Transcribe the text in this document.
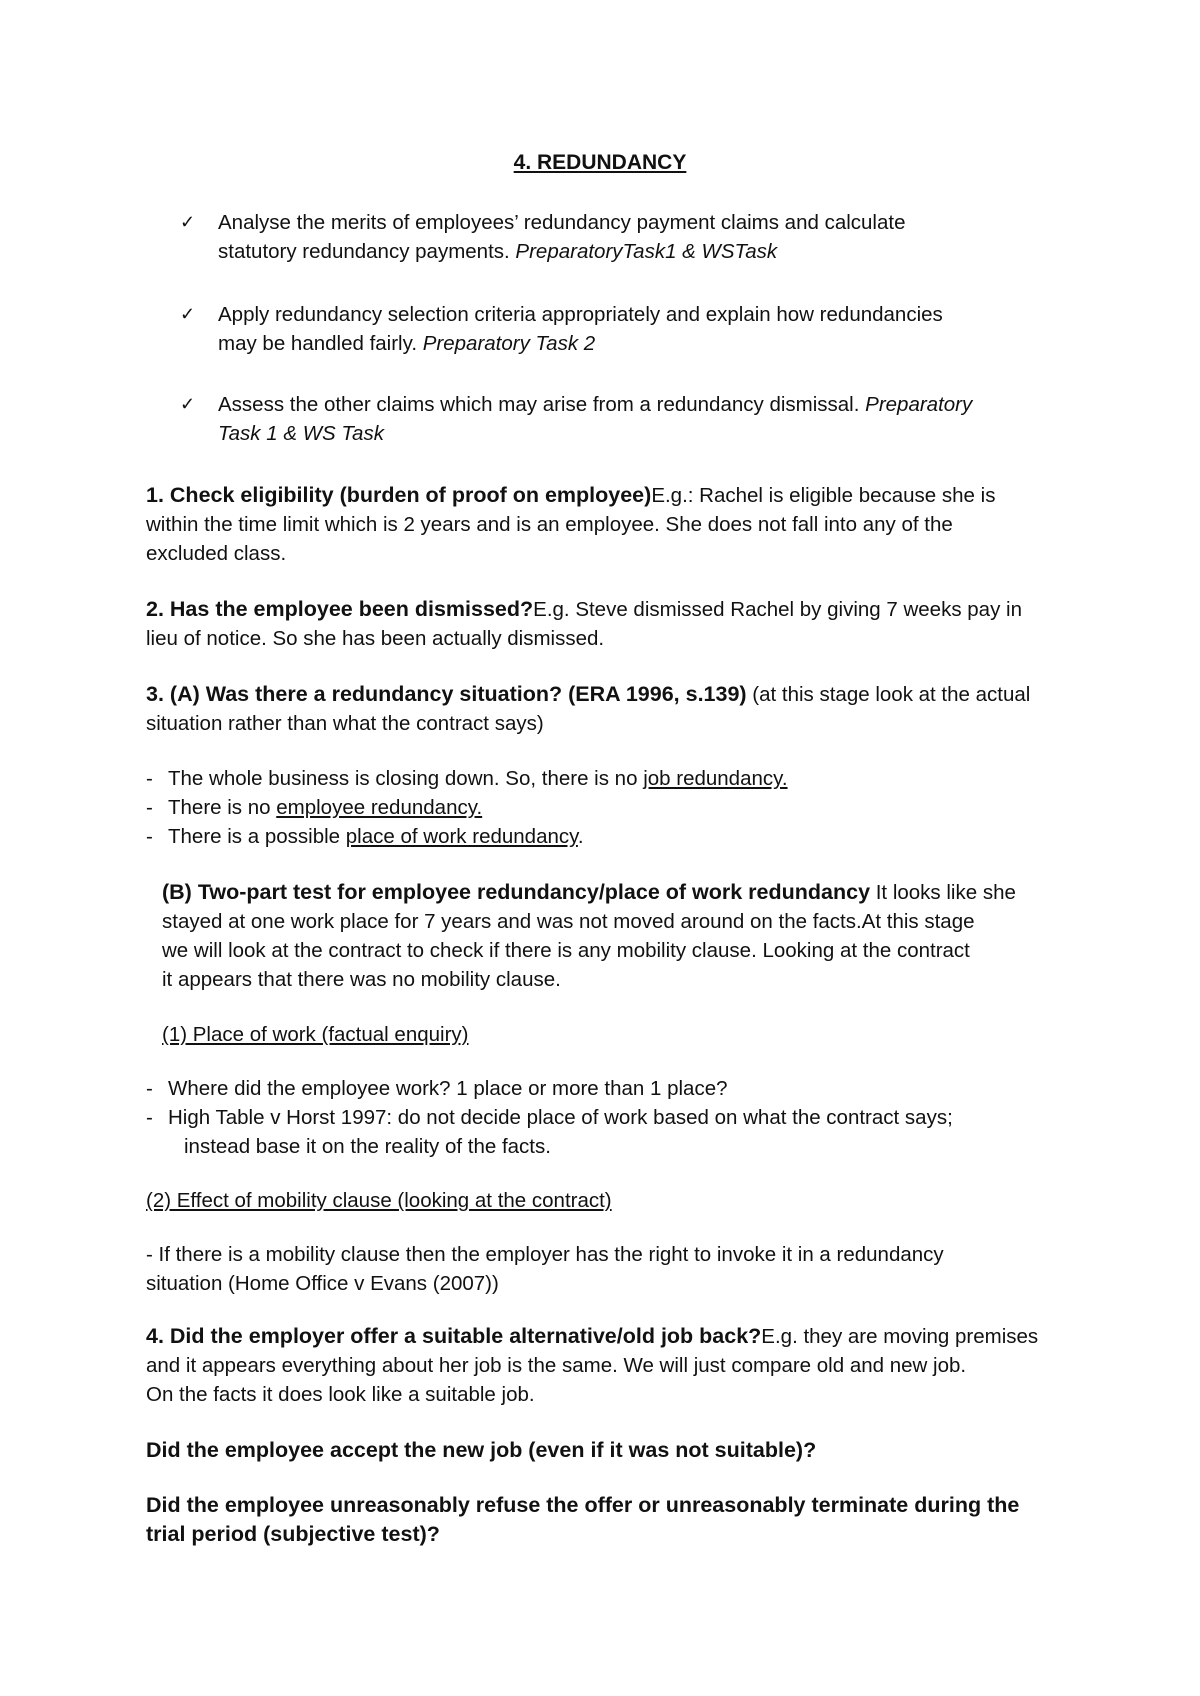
4. REDUNDANCY
✓	Analyse the merits of employees’ redundancy payment claims and calculate
statutory redundancy payments. PreparatoryTask1 & WSTask
✓	Apply redundancy selection criteria appropriately and explain how redundancies
may be handled fairly. Preparatory Task 2
✓	Assess the other claims which may arise from a redundancy dismissal. Preparatory
Task 1 & WS Task
1. Check eligibility (burden of proof on employee)E.g.: Rachel is eligible because she is
within the time limit which is 2 years and is an employee. She does not fall into any of the
excluded class.
2. Has the employee been dismissed?E.g. Steve dismissed Rachel by giving 7 weeks pay in
lieu of notice. So she has been actually dismissed.
3. (A) Was there a redundancy situation? (ERA 1996, s.139) (at this stage look at the actual
situation rather than what the contract says)
- The whole business is closing down. So, there is no job redundancy.
- There is no employee redundancy.
- There is a possible place of work redundancy.
(B) Two-part test for employee redundancy/place of work redundancy It looks like she
stayed at one work place for 7 years and was not moved around on the facts.At this stage
we will look at the contract to check if there is any mobility clause. Looking at the contract
it appears that there was no mobility clause.
(1) Place of work (factual enquiry)
- Where did the employee work? 1 place or more than 1 place?
- High Table v Horst 1997: do not decide place of work based on what the contract says;
instead base it on the reality of the facts.
(2) Effect of mobility clause (looking at the contract)
- If there is a mobility clause then the employer has the right to invoke it in a redundancy
situation (Home Office v Evans (2007))
4. Did the employer offer a suitable alternative/old job back?E.g. they are moving premises
and it appears everything about her job is the same. We will just compare old and new job.
On the facts it does look like a suitable job.
Did the employee accept the new job (even if it was not suitable)?
Did the employee unreasonably refuse the offer or unreasonably terminate during the
trial period (subjective test)?
